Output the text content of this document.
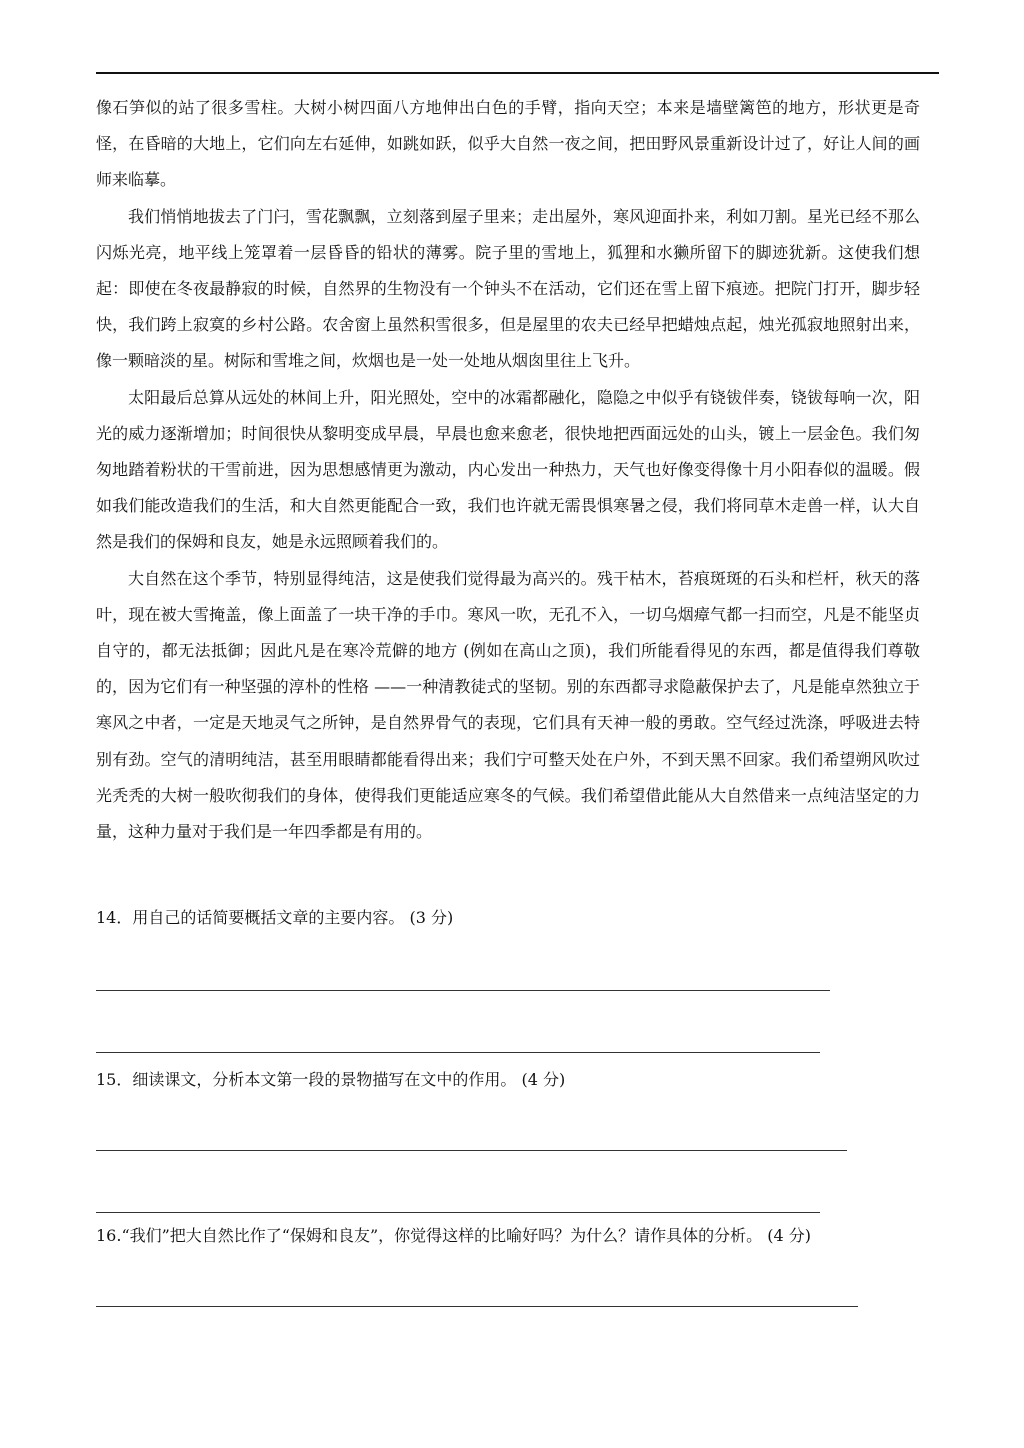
像石笋似的站了很多雪柱。大树小树四面八方地伸出白色的手臂，指向天空；本来是墙壁篱笆的地方，形状更是奇怪，在昏暗的大地上，它们向左右延伸，如跳如跃，似乎大自然一夜之间，把田野风景重新设计过了，好让人间的画师来临摹。

我们悄悄地拔去了门闩，雪花飘飘，立刻落到屋子里来；走出屋外，寒风迎面扑来，利如刀割。星光已经不那么闪烁光亮，地平线上笼罩着一层昏昏的铅状的薄雾。院子里的雪地上，狐狸和水獭所留下的脚迹犹新。这使我们想起：即使在冬夜最静寂的时候，自然界的生物没有一个钟头不在活动，它们还在雪上留下痕迹。把院门打开，脚步轻快，我们跨上寂寞的乡村公路。农舍窗上虽然积雪很多，但是屋里的农夫已经早把蜡烛点起，烛光孤寂地照射出来，像一颗暗淡的星。树际和雪堆之间，炊烟也是一处一处地从烟囱里往上飞升。

太阳最后总算从远处的林间上升，阳光照处，空中的冰霜都融化，隐隐之中似乎有铙钹伴奏，铙钹每响一次，阳光的威力逐渐增加；时间很快从黎明变成早晨，早晨也愈来愈老，很快地把西面远处的山头，镀上一层金色。我们匆匆地踏着粉状的干雪前进，因为思想感情更为激动，内心发出一种热力，天气也好像变得像十月小阳春似的温暖。假如我们能改造我们的生活，和大自然更能配合一致，我们也许就无需畏惧寒暑之侵，我们将同草木走兽一样，认大自然是我们的保姆和良友，她是永远照顾着我们的。

大自然在这个季节，特别显得纯洁，这是使我们觉得最为高兴的。残干枯木，苔痕斑斑的石头和栏杆，秋天的落叶，现在被大雪掩盖，像上面盖了一块干净的手巾。寒风一吹，无孔不入，一切乌烟瘴气都一扫而空，凡是不能坚贞自守的，都无法抵御；因此凡是在寒冷荒僻的地方 (例如在高山之顶)，我们所能看得见的东西，都是值得我们尊敬的，因为它们有一种坚强的淳朴的性格 ——一种清教徒式的坚韧。别的东西都寻求隐蔽保护去了，凡是能卓然独立于寒风之中者，一定是天地灵气之所钟，是自然界骨气的表现，它们具有天神一般的勇敢。空气经过洗涤，呼吸进去特别有劲。空气的清明纯洁，甚至用眼睛都能看得出来；我们宁可整天处在户外，不到天黑不回家。我们希望朔风吹过光秃秃的大树一般吹彻我们的身体，使得我们更能适应寒冬的气候。我们希望借此能从大自然借来一点纯洁坚定的力量，这种力量对于我们是一年四季都是有用的。

14．用自己的话简要概括文章的主要内容。 (3 分)
15．细读课文，分析本文第一段的景物描写在文中的作用。 (4 分)
16.“我们”把大自然比作了“保姆和良友”，你觉得这样的比喻好吗？为什么？请作具体的分析。 (4 分)
